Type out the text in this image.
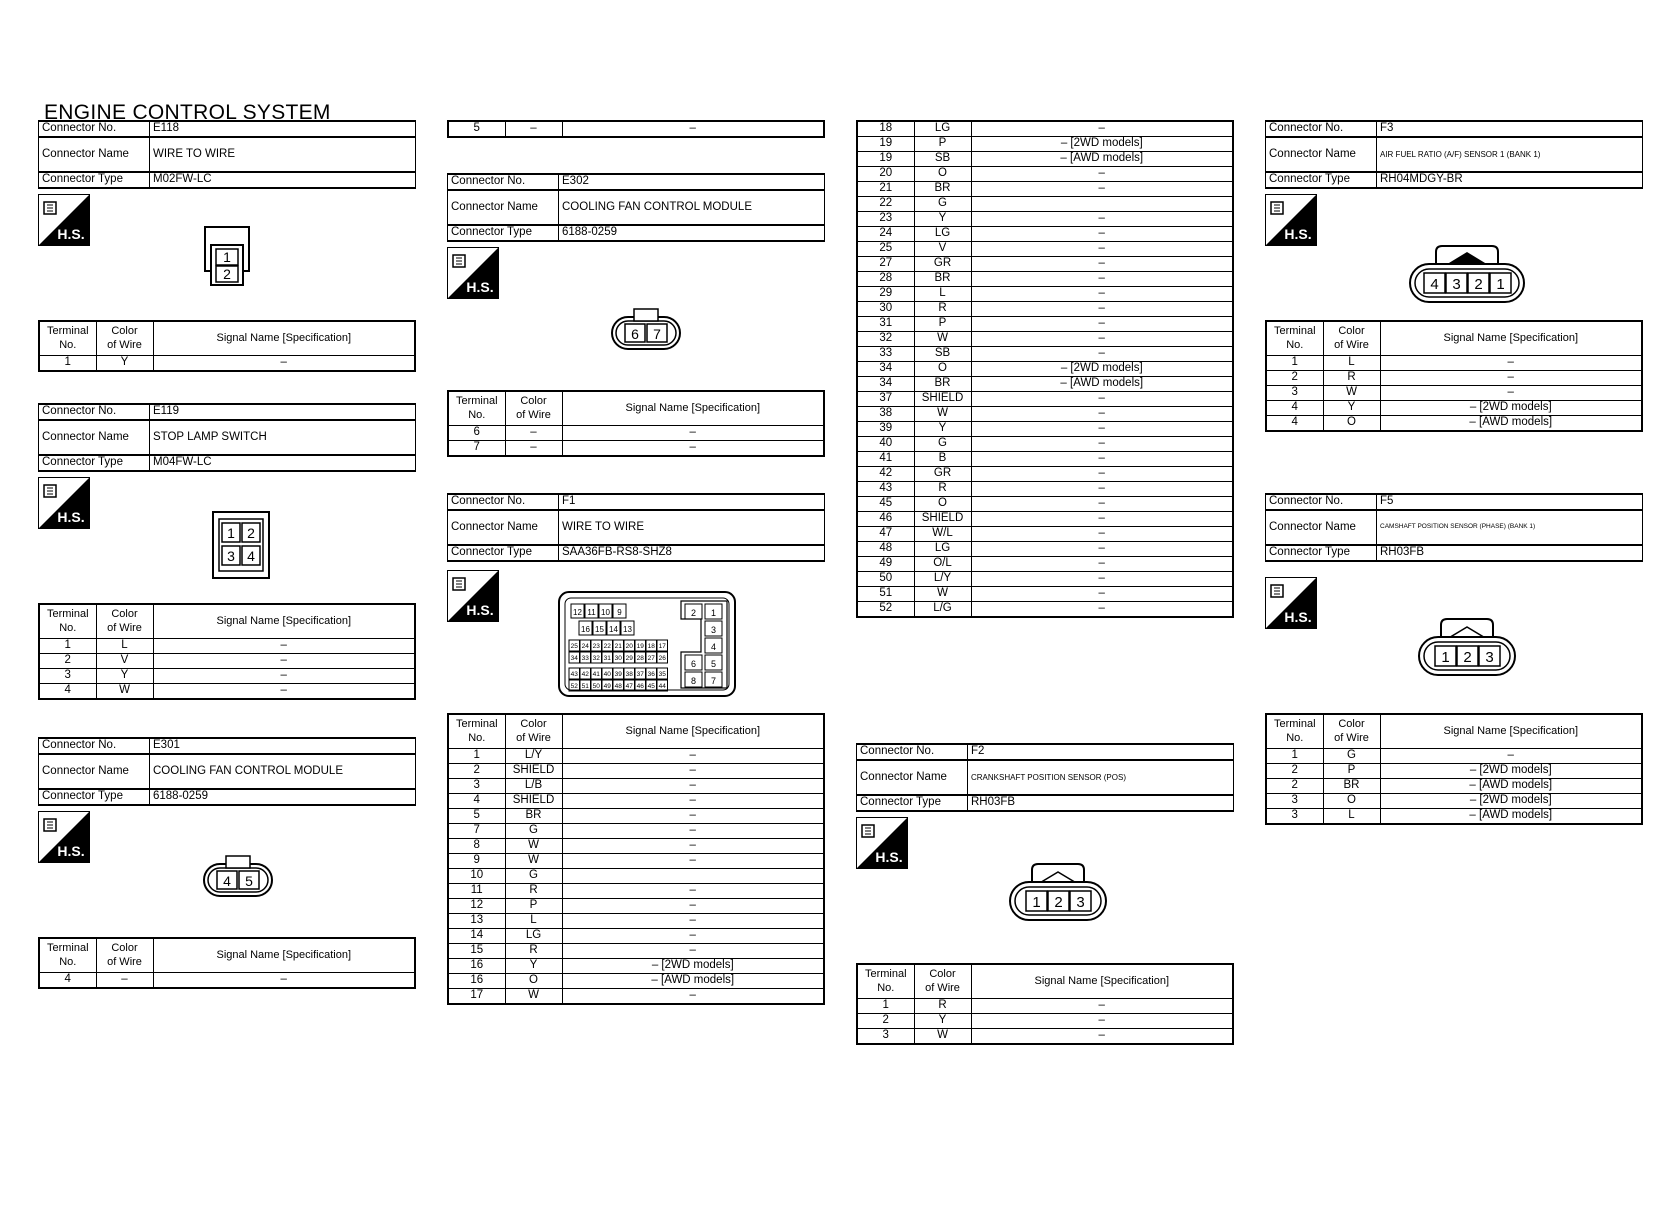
ENGINE CONTROL SYSTEM
Connector No.	E118
Connector Name	WIRE TO WIRE
Connector Type	M02FW-LC
H.S.
1
2
Terminal
No.	Color
of Wire	Signal Name [Specification]
1	Y	–
Connector No.	E119
Connector Name	STOP LAMP SWITCH
Connector Type	M04FW-LC
H.S.
1 2
3 4
Terminal
No.	Color
of Wire	Signal Name [Specification]
1	L	–
2	V	–
3	Y	–
4	W	–
Connector No.	E301
Connector Name	COOLING FAN CONTROL MODULE
Connector Type	6188-0259
H.S.
4 5
Terminal
No.	Color
of Wire	Signal Name [Specification]
4	–	–
5	–	–
Connector No.	E302
Connector Name	COOLING FAN CONTROL MODULE
Connector Type	6188-0259
H.S.
6 7
Terminal
No.	Color
of Wire	Signal Name [Specification]
6	–	–
7	–	–
Connector No.	F1
Connector Name	WIRE TO WIRE
Connector Type	SAA36FB-RS8-SHZ8
H.S.	12 11 10 9
16 15 14 13
25 24 23 22 21 20 19 18 17
34 33 32 31 30 29 28 27 26
43 42 41 40 39 38 37 36 35
52 51 50 49 48 47 46 45 44
2 1
3
4
6 5
8 7
Terminal
No.	Color
of Wire	Signal Name [Specification]
1	L/Y	–
2	SHIELD	–
3	L/B	–
4	SHIELD	–
5	BR	–
7	G	–
8	W	–
9	W	–
10	G	
11	R	–
12	P	–
13	L	–
14	LG	–
15	R	–
16	Y	– [2WD models]
16	O	– [AWD models]
17	W	–
18	LG	–
19	P	– [2WD models]
19	SB	– [AWD models]
20	O	–
21	BR	–
22	G	
23	Y	–
24	LG	–
25	V	–
27	GR	–
28	BR	–
29	L	–
30	R	–
31	P	–
32	W	–
33	SB	–
34	O	– [2WD models]
34	BR	– [AWD models]
37	SHIELD	–
38	W	–
39	Y	–
40	G	–
41	B	–
42	GR	–
43	R	–
45	O	–
46	SHIELD	–
47	W/L	–
48	LG	–
49	O/L	–
50	L/Y	–
51	W	–
52	L/G	–
Connector No.	F2
Connector Name	CRANKSHAFT POSITION SENSOR (POS)
Connector Type	RH03FB
H.S.
1 2 3
Terminal
No.	Color
of Wire	Signal Name [Specification]
1	R	–
2	Y	–
3	W	–
Connector No.	F3
Connector Name	AIR FUEL RATIO (A/F) SENSOR 1 (BANK 1)
Connector Type	RH04MDGY-BR
H.S.
4 3 2 1
Terminal
No.	Color
of Wire	Signal Name [Specification]
1	L	–
2	R	–
3	W	–
4	Y	– [2WD models]
4	O	– [AWD models]
Connector No.	F5
Connector Name	CAMSHAFT POSITION SENSOR (PHASE) (BANK 1)
Connector Type	RH03FB
H.S.
1 2 3
Terminal
No.	Color
of Wire	Signal Name [Specification]
1	G	–
2	P	– [2WD models]
2	BR	– [AWD models]
3	O	– [2WD models]
3	L	– [AWD models]
